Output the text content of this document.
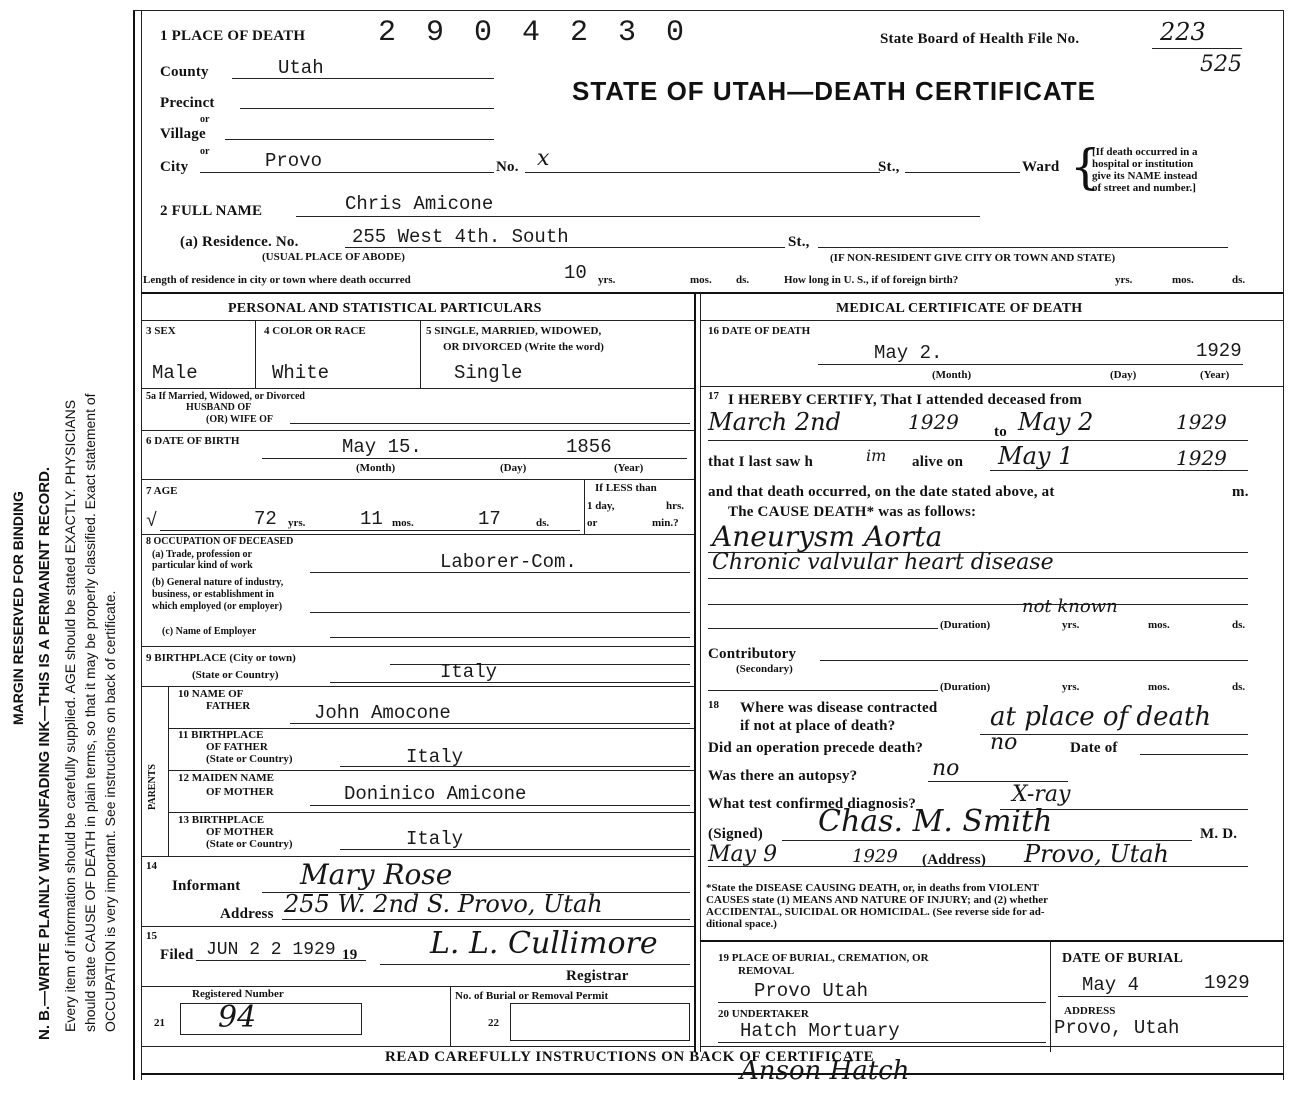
MARGIN RESERVED FOR BINDING N. B.—WRITE PLAINLY WITH UNFADING INK—THIS IS A PERMANENT RECORD. Every item of information should be carefully supplied. AGE should be stated EXACTLY. PHYSICIANS should state CAUSE OF DEATH in plain terms, so that it may be properly classified. Exact statement of OCCUPATION is very important. See instructions on back of certificate.
1 PLACE OF DEATH 2 9 0 4 2 3 0	State Board of Health File No.	223
525
STATE OF UTAH—DEATH CERTIFICATE
County	Utah
Precinct
or
Village
or
City	Provo	No. x	St.,	Ward {
[If death occurred in a
hospital or institution
give its NAME instead
of street and number.]
2 FULL NAME	Chris Amicone
(a) Residence. No.	255 West 4th. South	St.,
(USUAL PLACE OF ABODE)	(IF NON-RESIDENT GIVE CITY OR TOWN AND STATE)
Length of residence in city or town where death occurred	10 yrs.	mos. ds.	How long in U. S., if of foreign birth?	yrs.	mos.	ds.
PERSONAL AND STATISTICAL PARTICULARS
3 SEX
Male
4 COLOR OR RACE
White
5 SINGLE, MARRIED, WIDOWED,
OR DIVORCED (Write the word)
Single
5a If Married, Widowed, or Divorced
HUSBAND OF
(OR) WIFE OF
6 DATE OF BIRTH	May 15.	1856
(Month)	(Day)	(Year)
7 AGE
√	72 yrs.	11 mos.	17	ds.
If LESS than
1 day,	hrs.
or	min.?
8 OCCUPATION OF DECEASED
(a) Trade, profession or
particular kind of work	Laborer-Com.
(b) General nature of industry,
business, or establishment in
which employed (or employer)
(c) Name of Employer
9 BIRTHPLACE (City or town)
(State or Country)	Italy
PARENTS
10 NAME OF
FATHER	John Amocone
11 BIRTHPLACE
OF FATHER
(State or Country)	Italy
12 MAIDEN NAME
OF MOTHER	Doninico Amicone
13 BIRTHPLACE
OF MOTHER
(State or Country)	Italy
14
Informant Mary Rose
Address 255 W. 2nd S. Provo, Utah
15
Filed JUN 2 2 1929 19 L. L. Cullimore
Registrar
Registered Number	No. of Burial or Removal Permit
21 94	22
MEDICAL CERTIFICATE OF DEATH
16 DATE OF DEATH
May 2.	1929
(Month)	(Day)	(Year)
17 I HEREBY CERTIFY, That I attended deceased from
March 2nd	1929 to May 2	1929
that I last saw h	im alive on May 1	1929
and that death occurred, on the date stated above, at	m.
The CAUSE DEATH* was as follows:
Aneurysm Aorta
Chronic valvular heart disease
(Duration)
not known
yrs.	mos.	ds.
Contributory
(Secondary)
(Duration)	yrs.	mos.	ds.
18 Where was disease contracted
if not at place of death?	at place of death
Did an operation precede death?	no	Date of
Was there an autopsy?	no
What test confirmed diagnosis?	X-ray
(Signed) Chas. M. Smith	M. D.
May 9	1929 (Address) Provo, Utah
*State the DISEASE CAUSING DEATH, or, in deaths from VIOLENT
CAUSES state (1) MEANS AND NATURE OF INJURY; and (2) whether
ACCIDENTAL, SUICIDAL OR HOMICIDAL. (See reverse side for ad-
ditional space.)
19 PLACE OF BURIAL, CREMATION, OR
REMOVAL
Provo Utah
DATE OF BURIAL
May 4	1929
20 UNDERTAKER
Hatch Mortuary
ADDRESS
Provo, Utah
READ CAREFULLY INSTRUCTIONS ON BACK OF CERTIFICATE
Anson Hatch
